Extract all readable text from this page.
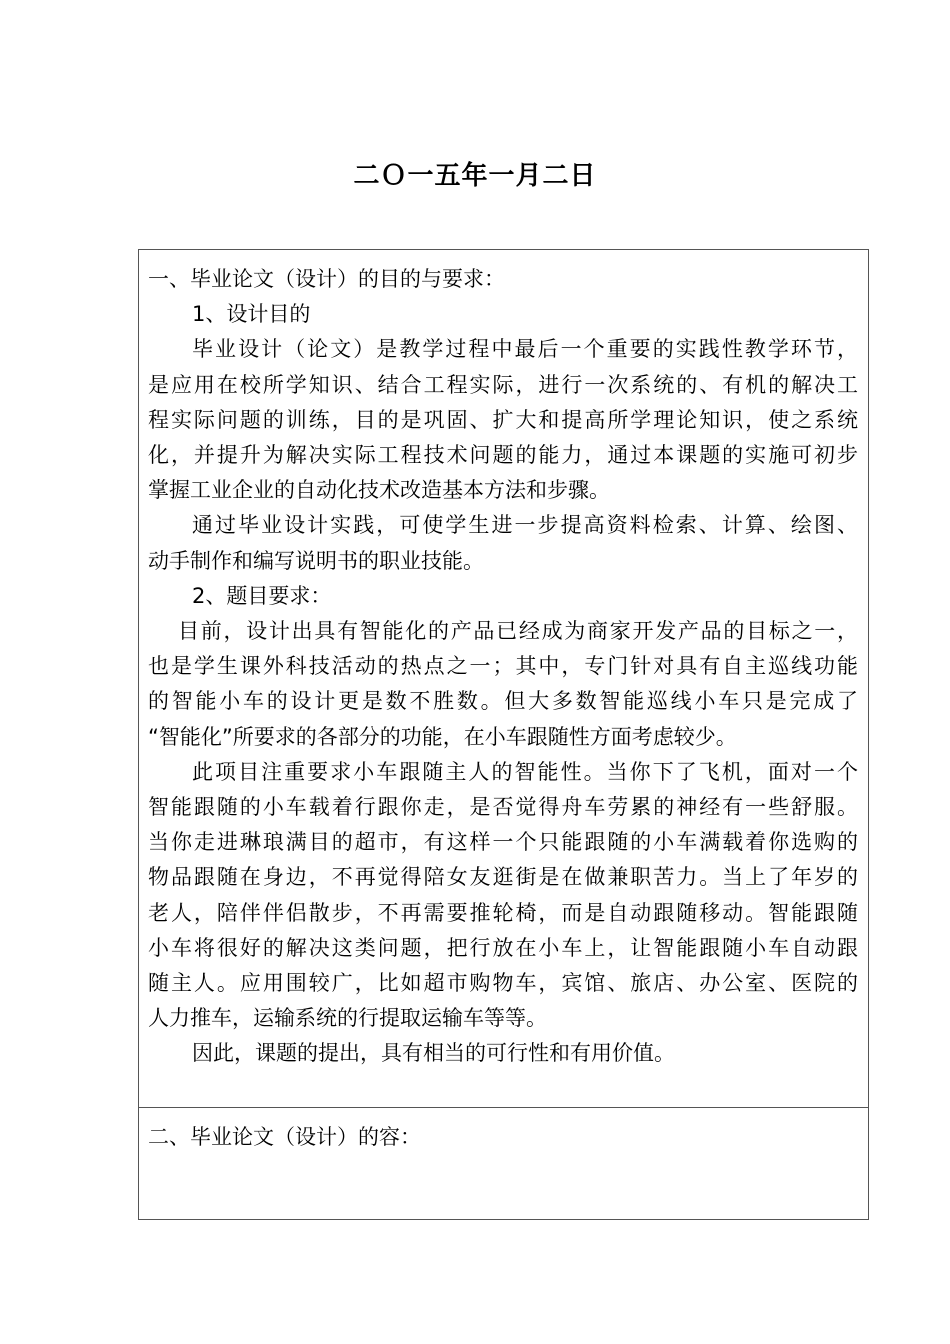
二Ｏ一五年一月二日

一、毕业论文（设计）的目的与要求：

1、设计目的

毕业设计（论文）是教学过程中最后一个重要的实践性教学环节，

是应用在校所学知识、结合工程实际，进行一次系统的、有机的解决工

程实际问题的训练，目的是巩固、扩大和提高所学理论知识，使之系统

化，并提升为解决实际工程技术问题的能力，通过本课题的实施可初步

掌握工业企业的自动化技术改造基本方法和步骤。

通过毕业设计实践，可使学生进一步提高资料检索、计算、绘图、

动手制作和编写说明书的职业技能。

2、题目要求：

目前，设计出具有智能化的产品已经成为商家开发产品的目标之一，

也是学生课外科技活动的热点之一；其中，专门针对具有自主巡线功能

的智能小车的设计更是数不胜数。但大多数智能巡线小车只是完成了

“智能化”所要求的各部分的功能，在小车跟随性方面考虑较少。

此项目注重要求小车跟随主人的智能性。当你下了飞机，面对一个

智能跟随的小车载着行跟你走，是否觉得舟车劳累的神经有一些舒服。

当你走进琳琅满目的超市，有这样一个只能跟随的小车满载着你选购的

物品跟随在身边，不再觉得陪女友逛街是在做兼职苦力。当上了年岁的

老人，陪伴伴侣散步，不再需要推轮椅，而是自动跟随移动。智能跟随

小车将很好的解决这类问题，把行放在小车上，让智能跟随小车自动跟

随主人。应用围较广，比如超市购物车，宾馆、旅店、办公室、医院的

人力推车，运输系统的行提取运输车等等。

因此，课题的提出，具有相当的可行性和有用价值。

二、毕业论文（设计）的容：
